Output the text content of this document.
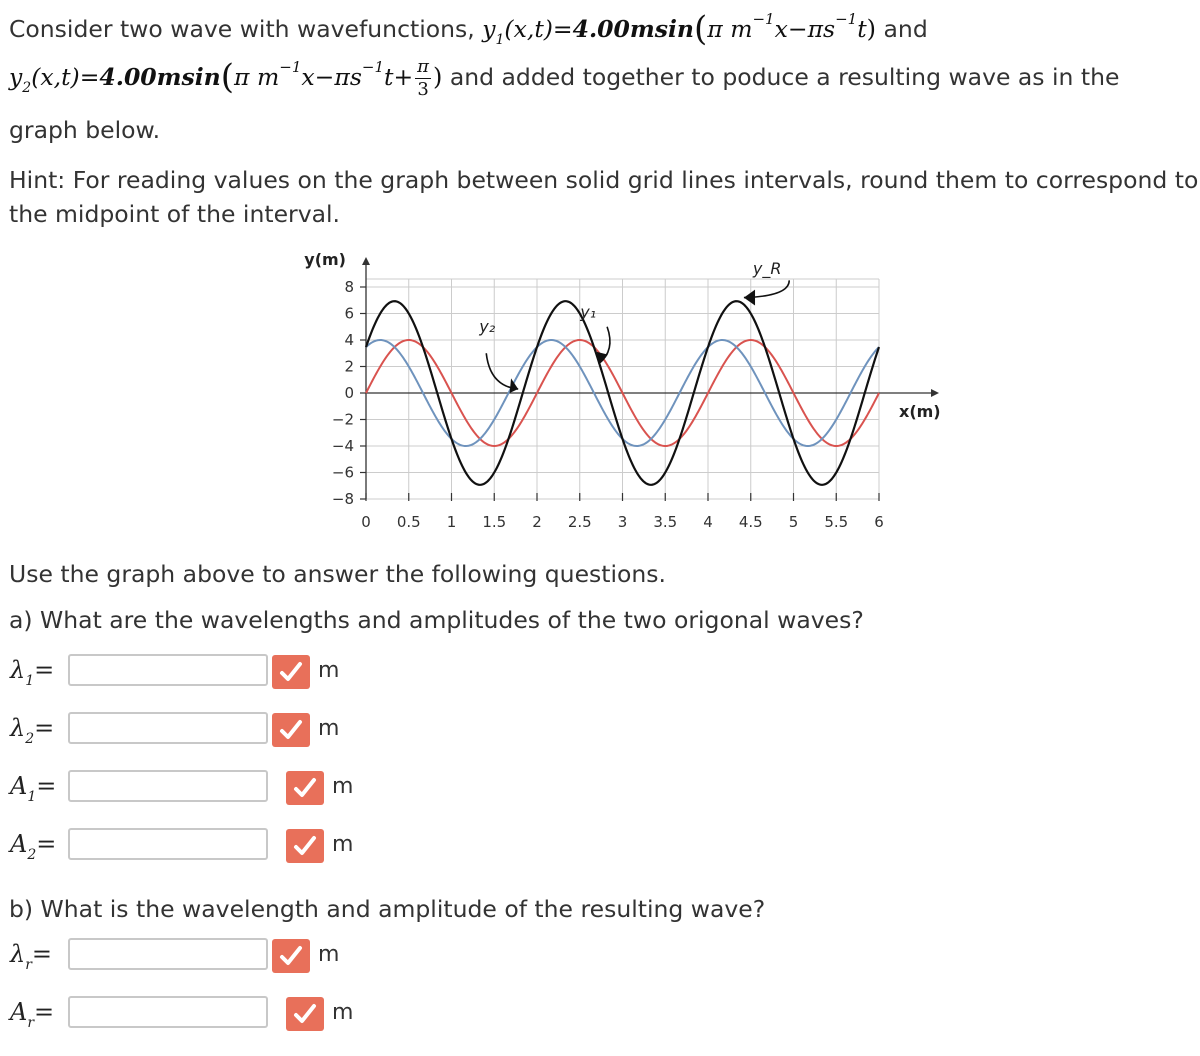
Consider two wave with wavefunctions, $y_1(x,t)=4.00msin(\pi$ $m^{-1}x-\pi s^{-1}t$) and
$y_2(x,t)=4.00msin(\pi$ $m^{-1}x-\pi s^{-1}t+ \frac{\pi}{3}$ ) and added together to poduce a resulting wave as in the
graph below.
Hint: For reading values on the graph between solid grid lines intervals, round them to correspond to
the midpoint of the interval.
8
6
4
2
0
−2
−4
−6
−8
0 0.5 1 1.5 2 2.5 3 3.5 4 4.5 5 5.5 6
y(m)
x(m)
y₂
y₁
y_R
Use the graph above to answer the following questions.
a) What are the wavelengths and amplitudes of the two origonal waves?
$\lambda_1=$	m
$\lambda_2=$	m
$A_1=$	m
$A_2=$	m
b) What is the wavelength and amplitude of the resulting wave?
$\lambda_r=$	m
$A_r=$	m
